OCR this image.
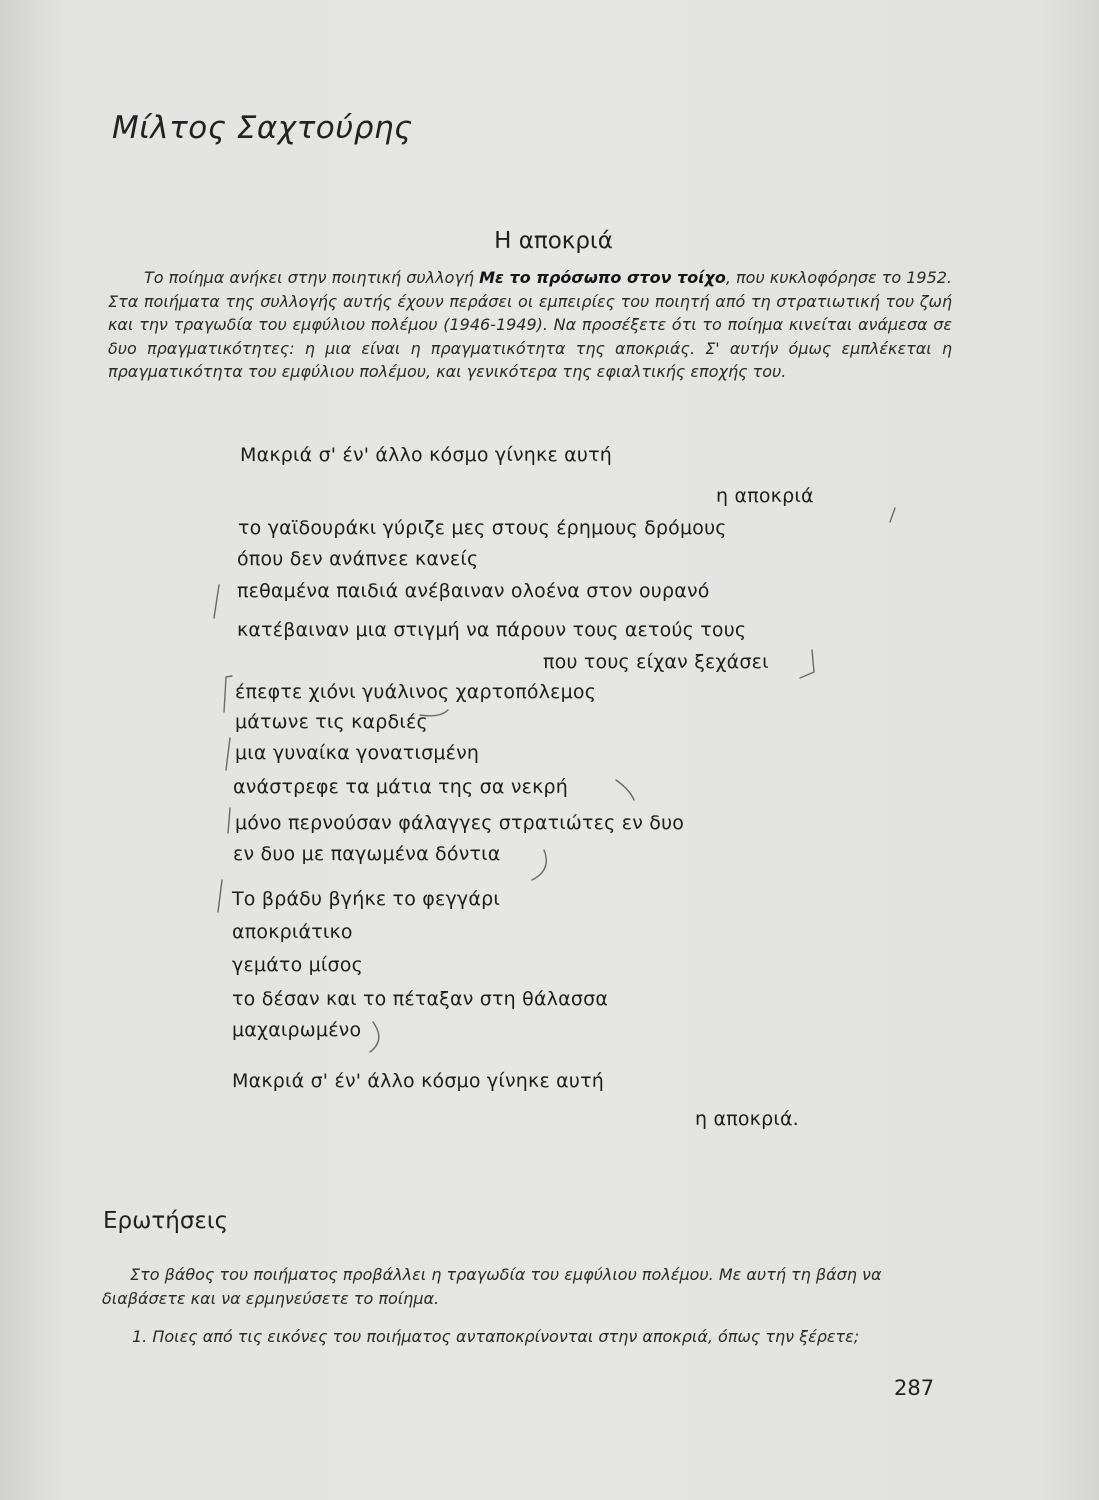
Μίλτος Σαχτούρης
Η αποκριά
Το ποίημα ανήκει στην ποιητική συλλογή Με το πρόσωπο στον τοίχο, που κυκλοφόρησε το 1952. Στα ποιήματα της συλλογής αυτής έχουν περάσει οι εμπειρίες του ποιητή από τη στρατιωτική του ζωή και την τραγωδία του εμφύλιου πολέμου (1946-1949). Να προσέξετε ότι το ποίημα κινείται ανάμεσα σε δυο πραγματικότητες: η μια είναι η πραγματικότητα της αποκριάς. Σ' αυτήν όμως εμπλέκεται η πραγματικότητα του εμφύλιου πολέμου, και γενικότερα της εφιαλτικής εποχής του.
Μακριά σ' έν' άλλο κόσμο γίνηκε αυτή
η αποκριά
το γαϊδουράκι γύριζε μες στους έρημους δρόμους
όπου δεν ανάπνεε κανείς
πεθαμένα παιδιά ανέβαιναν ολοένα στον ουρανό
κατέβαιναν μια στιγμή να πάρουν τους αετούς τους
που τους είχαν ξεχάσει
έπεφτε χιόνι γυάλινος χαρτοπόλεμος
μάτωνε τις καρδιές
μια γυναίκα γονατισμένη
ανάστρεφε τα μάτια της σα νεκρή
μόνο περνούσαν φάλαγγες στρατιώτες εν δυο
εν δυο με παγωμένα δόντια
Το βράδυ βγήκε το φεγγάρι
αποκριάτικο
γεμάτο μίσος
το δέσαν και το πέταξαν στη θάλασσα
μαχαιρωμένο
Μακριά σ' έν' άλλο κόσμο γίνηκε αυτή
η αποκριά.
Ερωτήσεις
Στο βάθος του ποιήματος προβάλλει η τραγωδία του εμφύλιου πολέμου. Με αυτή τη βάση να διαβάσετε και να ερμηνεύσετε το ποίημα.
1. Ποιες από τις εικόνες του ποιήματος ανταποκρίνονται στην αποκριά, όπως την ξέρετε;
287
